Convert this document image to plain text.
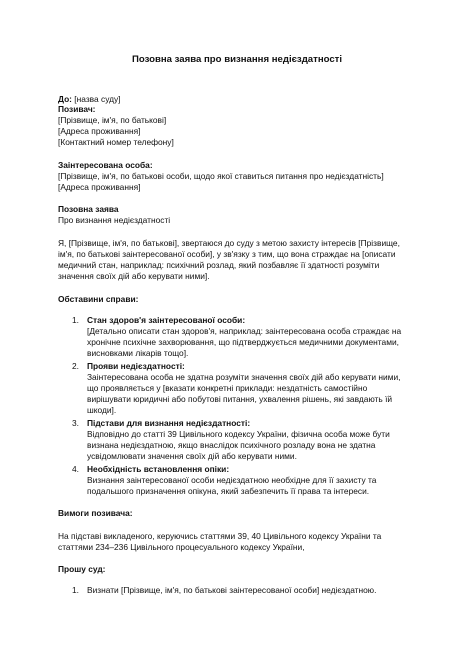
Позовна заява про визнання недієздатності
До: [назва суду]
Позивач:
[Прізвище, ім'я, по батькові]
[Адреса проживання]
[Контактний номер телефону]
Заінтересована особа:
[Прізвище, ім'я, по батькові особи, щодо якої ставиться питання про недієздатність]
[Адреса проживання]
Позовна заява
Про визнання недієздатності
Я, [Прізвище, ім'я, по батькові], звертаюся до суду з метою захисту інтересів [Прізвище,
ім'я, по батькові заінтересованої особи], у зв'язку з тим, що вона страждає на [описати
медичний стан, наприклад: психічний розлад, який позбавляє її здатності розуміти
значення своїх дій або керувати ними].
Обставини справи:
1. Стан здоров'я заінтересованої особи:
[Детально описати стан здоров'я, наприклад: заінтересована особа страждає на
хронічне психічне захворювання, що підтверджується медичними документами,
висновками лікарів тощо].
2. Прояви недієздатності:
Заінтересована особа не здатна розуміти значення своїх дій або керувати ними,
що проявляється у [вказати конкретні приклади: нездатність самостійно
вирішувати юридичні або побутові питання, ухвалення рішень, які завдають їй
шкоди].
3. Підстави для визнання недієздатності:
Відповідно до статті 39 Цивільного кодексу України, фізична особа може бути
визнана недієздатною, якщо внаслідок психічного розладу вона не здатна
усвідомлювати значення своїх дій або керувати ними.
4. Необхідність встановлення опіки:
Визнання заінтересованої особи недієздатною необхідне для її захисту та
подальшого призначення опікуна, який забезпечить її права та інтереси.
Вимоги позивача:
На підставі викладеного, керуючись статтями 39, 40 Цивільного кодексу України та
статтями 234–236 Цивільного процесуального кодексу України,
Прошу суд:
1. Визнати [Прізвище, ім'я, по батькові заінтересованої особи] недієздатною.
